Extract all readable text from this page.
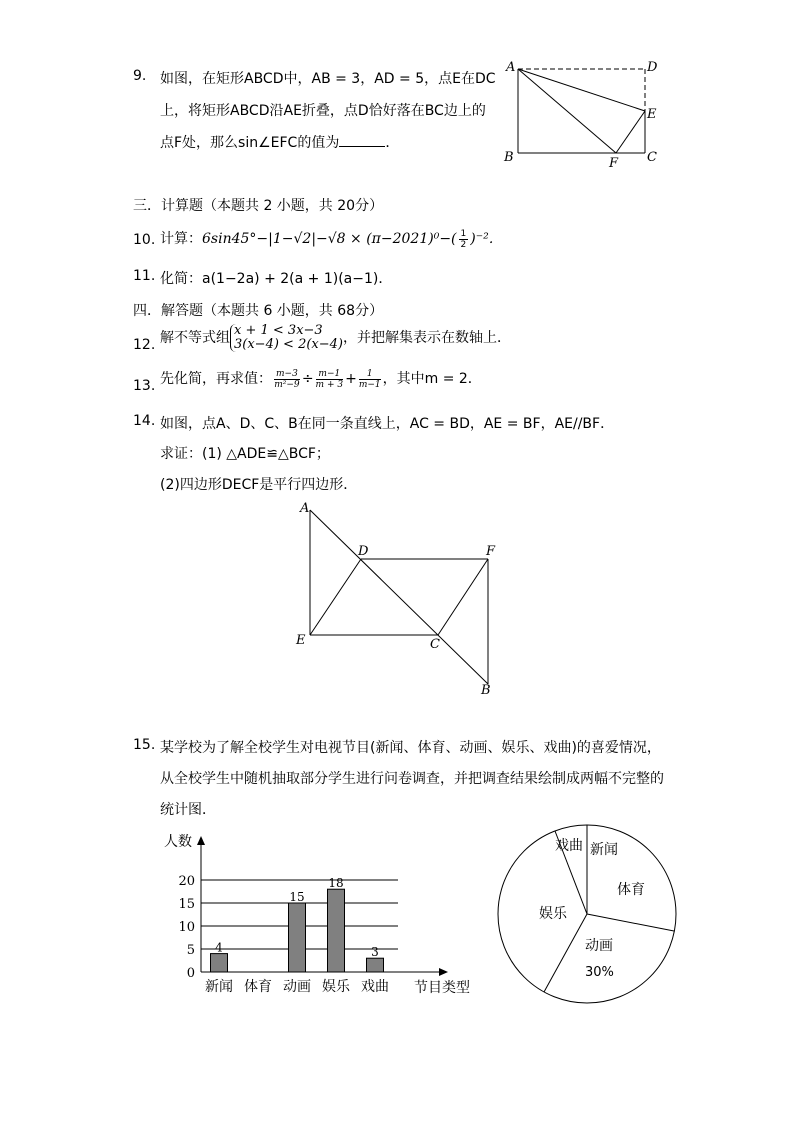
9. 如图，在矩形ABCD中，AB = 3，AD = 5，点E在DC
上，将矩形ABCD沿AE折叠，点D恰好落在BC边上的
点F处，那么sin∠EFC的值为	．
A	D
E
B	C
F
三．计算题（本题共 2 小题，共 20分）
10. 计算：$6\sin 45^\circ-|1-√2|-√8 \times (\pi-2021)^0-( \frac{1}{2} )^{-2}$．
11. 化简：a(1−2a) + 2(a + 1)(a−1)．
四．解答题（本题共 6 小题，共 68分）
12. 解不等式组 x + 1 < 3x−3
3(x−4) < 2(x−4) ，并把解集表示在数轴上．
13. 先化简，再求值： $\frac{m-3}{\text{m²−9}} \div \frac{m-1}{m + 3} + \frac{1}{m-1}$ ，其中m = 2．
14. 如图，点A、D、C、B在同一条直线上，AC = BD，AE = BF，AE//BF．
求证：(1) △ADE≌△BCF；
(2)四边形DECF是平行四边形．
A
D	F
E	C
B
15. 某学校为了解全校学生对电视节目(新闻、体育、动画、娱乐、戏曲)的喜爱情况，
从全校学生中随机抽取部分学生进行问卷调查，并把调查结果绘制成两幅不完整的
统计图．
人数
节目类型
0
5
10
15
20
4
15
18
3
新闻 体育 动画 娱乐 戏曲
新闻
体育
动画
30%
娱乐
戏曲
